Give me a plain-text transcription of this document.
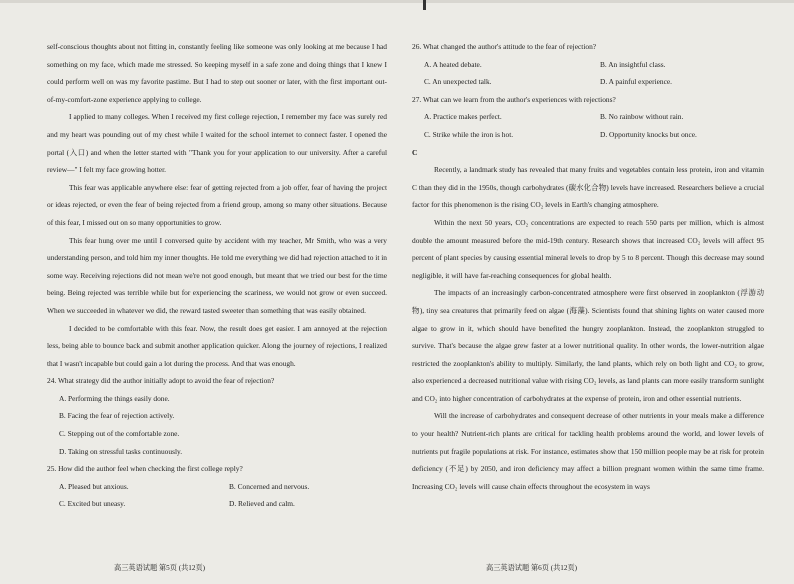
self-conscious thoughts about not fitting in, constantly feeling like someone was only looking at me because I had something on my face, which made me stressed. So keeping myself in a safe zone and doing things that I knew I could perform well on was my favorite pastime. But I had to step out sooner or later, with the first important out-of-my-comfort-zone experience applying to college.

I applied to many colleges. When I received my first college rejection, I remember my face was surely red and my heart was pounding out of my chest while I waited for the school internet to connect faster. I opened the portal (入口) and when the letter started with "Thank you for your application to our university. After a careful review—" I felt my face growing hotter.

This fear was applicable anywhere else: fear of getting rejected from a job offer, fear of having the project or ideas rejected, or even the fear of being rejected from a friend group, among so many other situations. Because of this fear, I missed out on so many opportunities to grow.

This fear hung over me until I conversed quite by accident with my teacher, Mr Smith, who was a very understanding person, and told him my inner thoughts. He told me everything we did had rejection attached to it in some way. Receiving rejections did not mean we're not good enough, but meant that we tried our best for the time being. Being rejected was terrible while but for experiencing the scariness, we would not grow or even succeed. When we succeeded in whatever we did, the reward tasted sweeter than something that was easily obtained.

I decided to be comfortable with this fear. Now, the result does get easier. I am annoyed at the rejection less, being able to bounce back and submit another application quicker. Along the journey of rejections, I realized that I wasn't incapable but could gain a lot during the process. And that was enough.

24. What strategy did the author initially adopt to avoid the fear of rejection?

A. Performing the things easily done.
B. Facing the fear of rejection actively.
C. Stepping out of the comfortable zone.
D. Taking on stressful tasks continuously.

25. How did the author feel when checking the first college reply?

A. Pleased but anxious.	B. Concerned and nervous.
C. Excited but uneasy.	D. Relieved and calm.

26. What changed the author's attitude to the fear of rejection?

A. A heated debate.	B. An insightful class.
C. An unexpected talk.	D. A painful experience.

27. What can we learn from the author's experiences with rejections?

A. Practice makes perfect.	B. No rainbow without rain.
C. Strike while the iron is hot.	D. Opportunity knocks but once.

C

Recently, a landmark study has revealed that many fruits and vegetables contain less protein, iron and vitamin C than they did in the 1950s, though carbohydrates (碳水化合物) levels have increased. Researchers believe a crucial factor for this phenomenon is the rising CO₂ levels in Earth's changing atmosphere.

Within the next 50 years, CO₂ concentrations are expected to reach 550 parts per million, which is almost double the amount measured before the mid-19th century. Research shows that increased CO₂ levels will affect 95 percent of plant species by causing essential mineral levels to drop by 5 to 8 percent. Though this decrease may sound negligible, it will have far-reaching consequences for global health.

The impacts of an increasingly carbon-concentrated atmosphere were first observed in zooplankton (浮游动物), tiny sea creatures that primarily feed on algae (海藻). Scientists found that shining lights on water caused more algae to grow in it, which should have benefited the hungry zooplankton. Instead, the zooplankton struggled to survive. That's because the algae grew faster at a lower nutritional quality. In other words, the lower-nutrition algae restricted the zooplankton's ability to multiply. Similarly, the land plants, which rely on both light and CO₂ to grow, also experienced a decreased nutritional value with rising CO₂ levels, as land plants can more easily transform sunlight and CO₂ into higher concentration of carbohydrates at the expense of protein, iron and other essential nutrients.

Will the increase of carbohydrates and consequent decrease of other nutrients in your meals make a difference to your health? Nutrient-rich plants are critical for tackling health problems around the world, and lower levels of nutrients put fragile populations at risk. For instance, estimates show that 150 million people may be at risk for protein deficiency (不足) by 2050, and iron deficiency may affect a billion pregnant women within the same time frame. Increasing CO₂ levels will cause chain effects throughout the ecosystem in ways

高三英语试题 第5页 (共12页)	高三英语试题 第6页 (共12页)
